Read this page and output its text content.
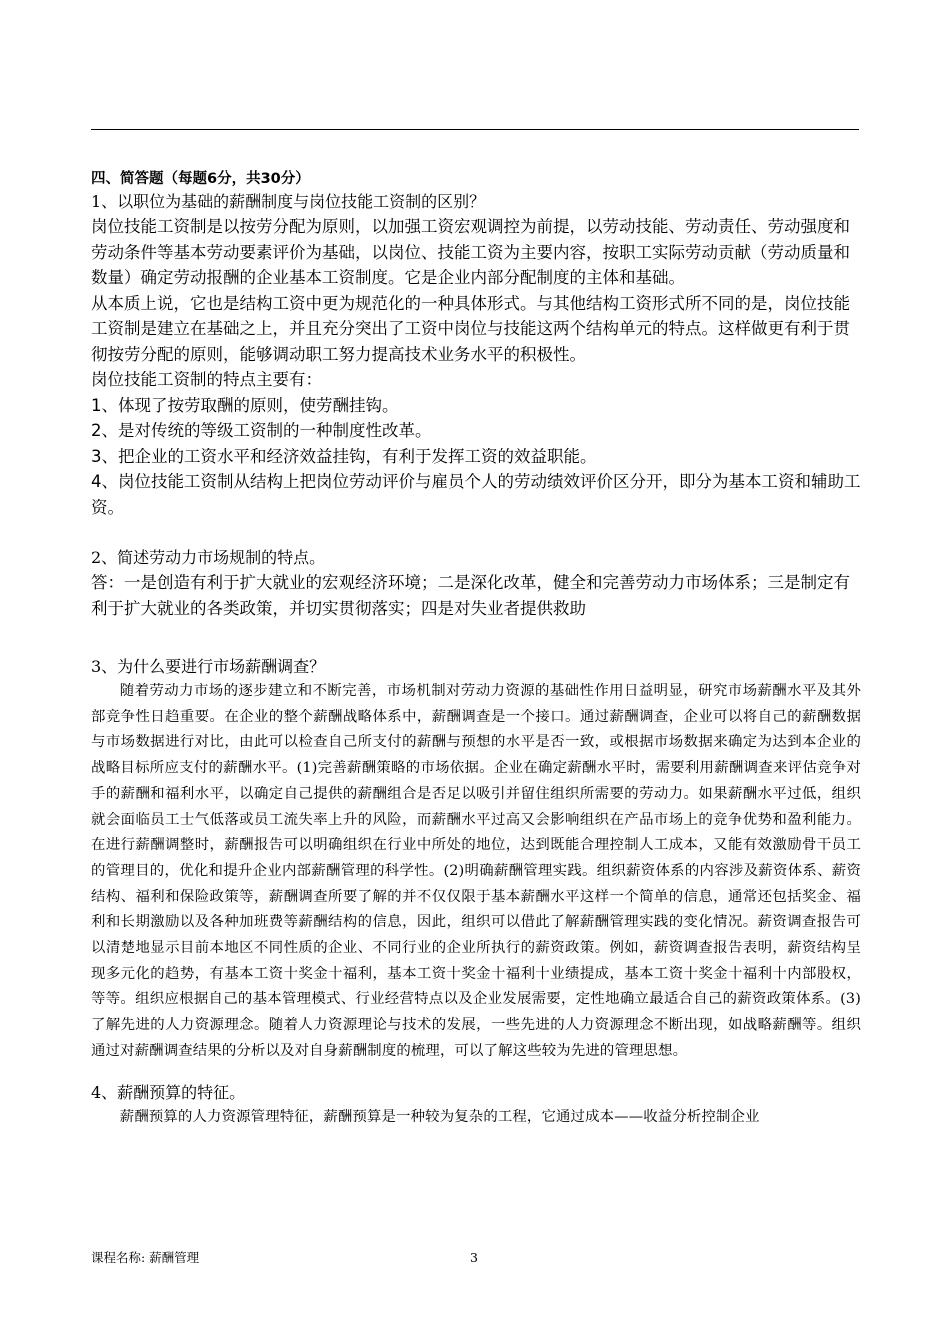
四、简答题（每题6分，共30分）

1、以职位为基础的薪酬制度与岗位技能工资制的区别？

岗位技能工资制是以按劳分配为原则，以加强工资宏观调控为前提，以劳动技能、劳动责任、劳动强度和劳动条件等基本劳动要素评价为基础，以岗位、技能工资为主要内容，按职工实际劳动贡献（劳动质量和数量）确定劳动报酬的企业基本工资制度。它是企业内部分配制度的主体和基础。

从本质上说，它也是结构工资中更为规范化的一种具体形式。与其他结构工资形式所不同的是，岗位技能工资制是建立在基础之上，并且充分突出了工资中岗位与技能这两个结构单元的特点。这样做更有利于贯彻按劳分配的原则，能够调动职工努力提高技术业务水平的积极性。

岗位技能工资制的特点主要有：

1、体现了按劳取酬的原则，使劳酬挂钩。

2、是对传统的等级工资制的一种制度性改革。

3、把企业的工资水平和经济效益挂钩，有利于发挥工资的效益职能。

4、岗位技能工资制从结构上把岗位劳动评价与雇员个人的劳动绩效评价区分开，即分为基本工资和辅助工资。

2、简述劳动力市场规制的特点。

答：一是创造有利于扩大就业的宏观经济环境；二是深化改革，健全和完善劳动力市场体系；三是制定有利于扩大就业的各类政策，并切实贯彻落实；四是对失业者提供救助

3、为什么要进行市场薪酬调查？

随着劳动力市场的逐步建立和不断完善，市场机制对劳动力资源的基础性作用日益明显，研究市场薪酬水平及其外部竞争性日趋重要。在企业的整个薪酬战略体系中，薪酬调查是一个接口。通过薪酬调查，企业可以将自己的薪酬数据与市场数据进行对比，由此可以检查自己所支付的薪酬与预想的水平是否一致，或根据市场数据来确定为达到本企业的战略目标所应支付的薪酬水平。(1)完善薪酬策略的市场依据。企业在确定薪酬水平时，需要利用薪酬调查来评估竞争对手的薪酬和福利水平，以确定自己提供的薪酬组合是否足以吸引并留住组织所需要的劳动力。如果薪酬水平过低，组织就会面临员工士气低落或员工流失率上升的风险，而薪酬水平过高又会影响组织在产品市场上的竞争优势和盈利能力。在进行薪酬调整时，薪酬报告可以明确组织在行业中所处的地位，达到既能合理控制人工成本，又能有效激励骨干员工的管理目的，优化和提升企业内部薪酬管理的科学性。(2)明确薪酬管理实践。组织薪资体系的内容涉及薪资体系、薪资结构、福利和保险政策等，薪酬调查所要了解的并不仅仅限于基本薪酬水平这样一个简单的信息，通常还包括奖金、福利和长期激励以及各种加班费等薪酬结构的信息，因此，组织可以借此了解薪酬管理实践的变化情况。薪资调查报告可以清楚地显示目前本地区不同性质的企业、不同行业的企业所执行的薪资政策。例如，薪资调查报告表明，薪资结构呈现多元化的趋势，有基本工资十奖金十福利，基本工资十奖金十福利十业绩提成，基本工资十奖金十福利十内部股权，等等。组织应根据自己的基本管理模式、行业经营特点以及企业发展需要，定性地确立最适合自己的薪资政策体系。(3)了解先进的人力资源理念。随着人力资源理论与技术的发展，一些先进的人力资源理念不断出现，如战略薪酬等。组织通过对薪酬调查结果的分析以及对自身薪酬制度的梳理，可以了解这些较为先进的管理思想。

4、薪酬预算的特征。

薪酬预算的人力资源管理特征，薪酬预算是一种较为复杂的工程，它通过成本——收益分析控制企业

课程名称: 薪酬管理	3
